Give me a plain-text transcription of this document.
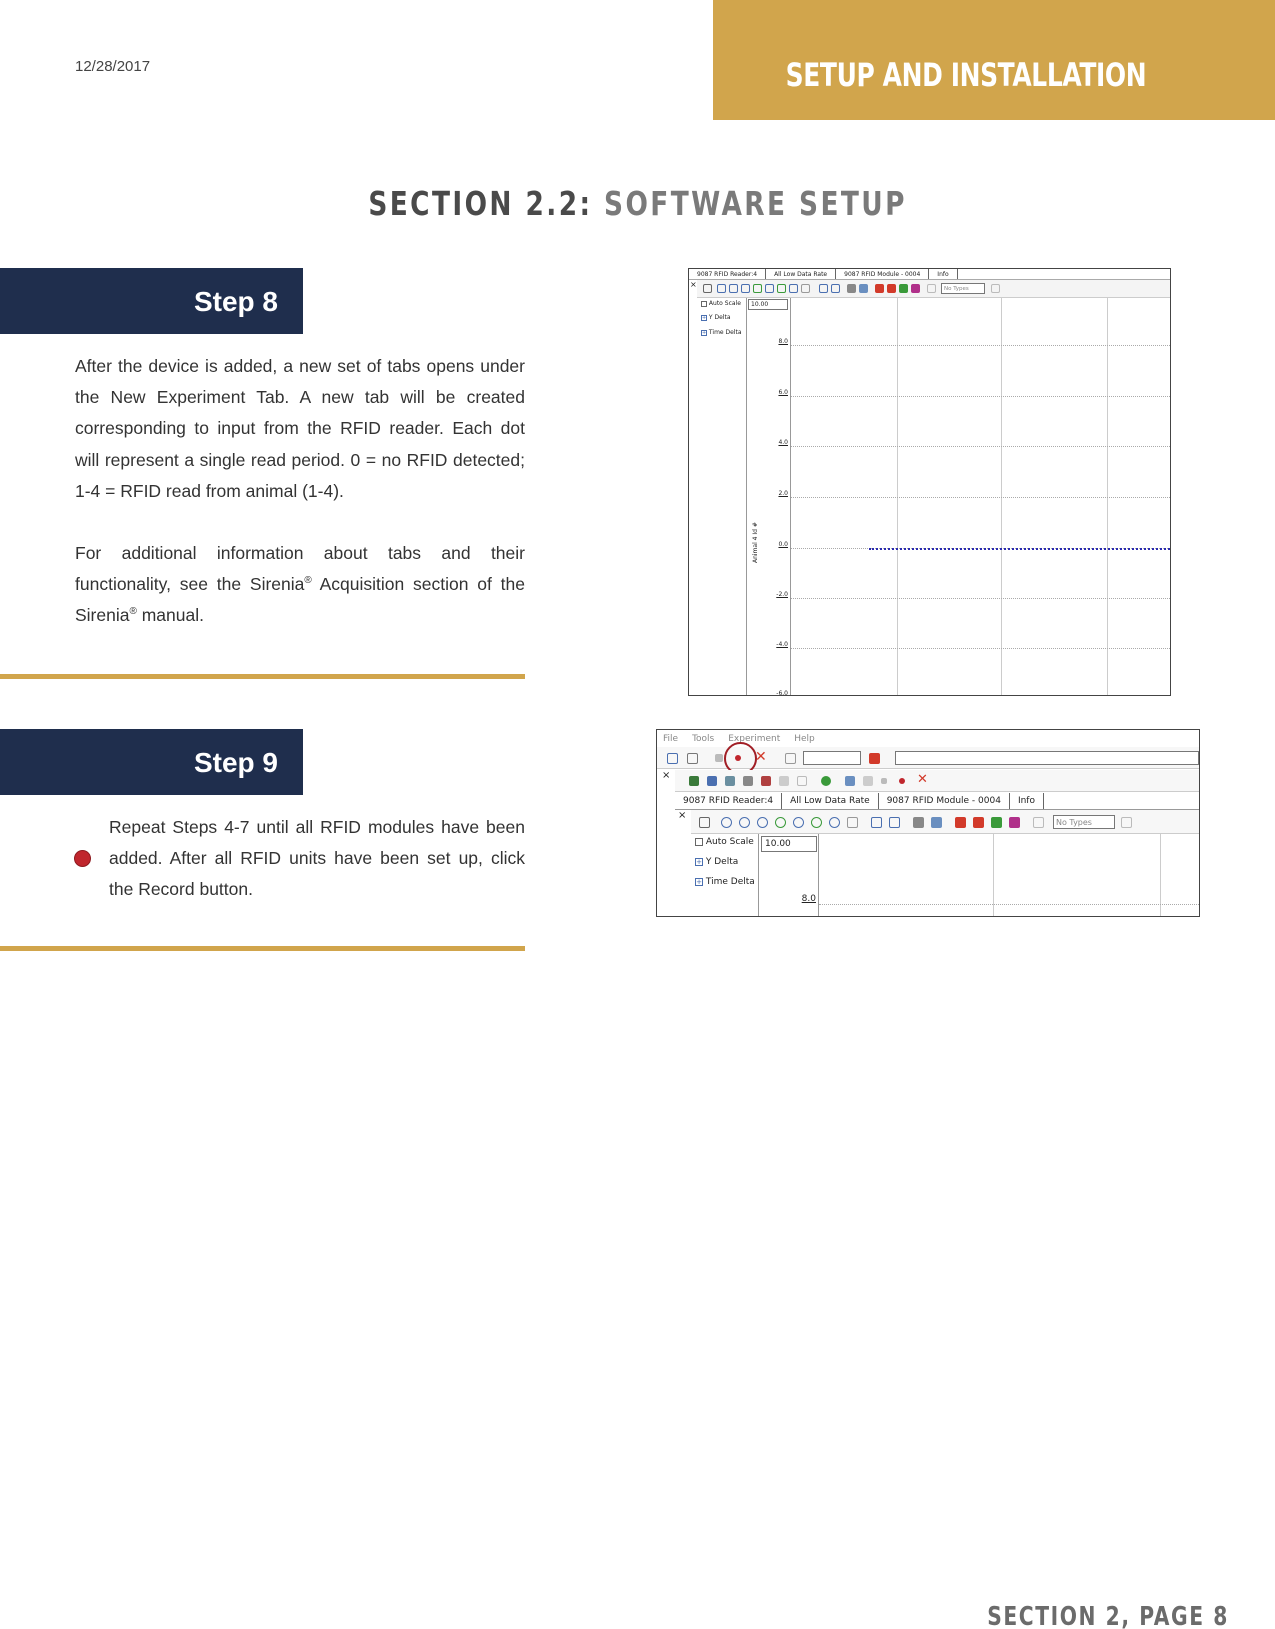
12/28/2017	SETUP AND INSTALLATION
SECTION 2.2: SOFTWARE SETUP
Step 8

After the device is added, a new set of tabs opens under the New Experiment Tab. A new tab will be created corresponding to input from the RFID reader. Each dot will represent a single read period. 0 = no RFID detected; 1-4 = RFID read from animal (1-4).

For additional information about tabs and their functionality, see the Sirenia® Acquisition section of the Sirenia® manual.

Step 9

Repeat Steps 4-7 until all RFID modules have been added. After all RFID units have been set up, click the Record button.

9087 RFID Reader:4	All Low Data Rate	9087 RFID Module - 0004	Info
No Types
×
Auto Scale
+ Y Delta
+ Time Delta
10.00
Animal 4 Id #
8.0
6.0
4.0
2.0
0.0
-2.0
-4.0
-6.0
File Tools Experiment Help
✕
×	✕
9087 RFID Reader:4	All Low Data Rate	9087 RFID Module - 0004	Info
×
No Types
Auto Scale
+ Y Delta
+ Time Delta
10.00
8.0
SECTION 2, PAGE 8
